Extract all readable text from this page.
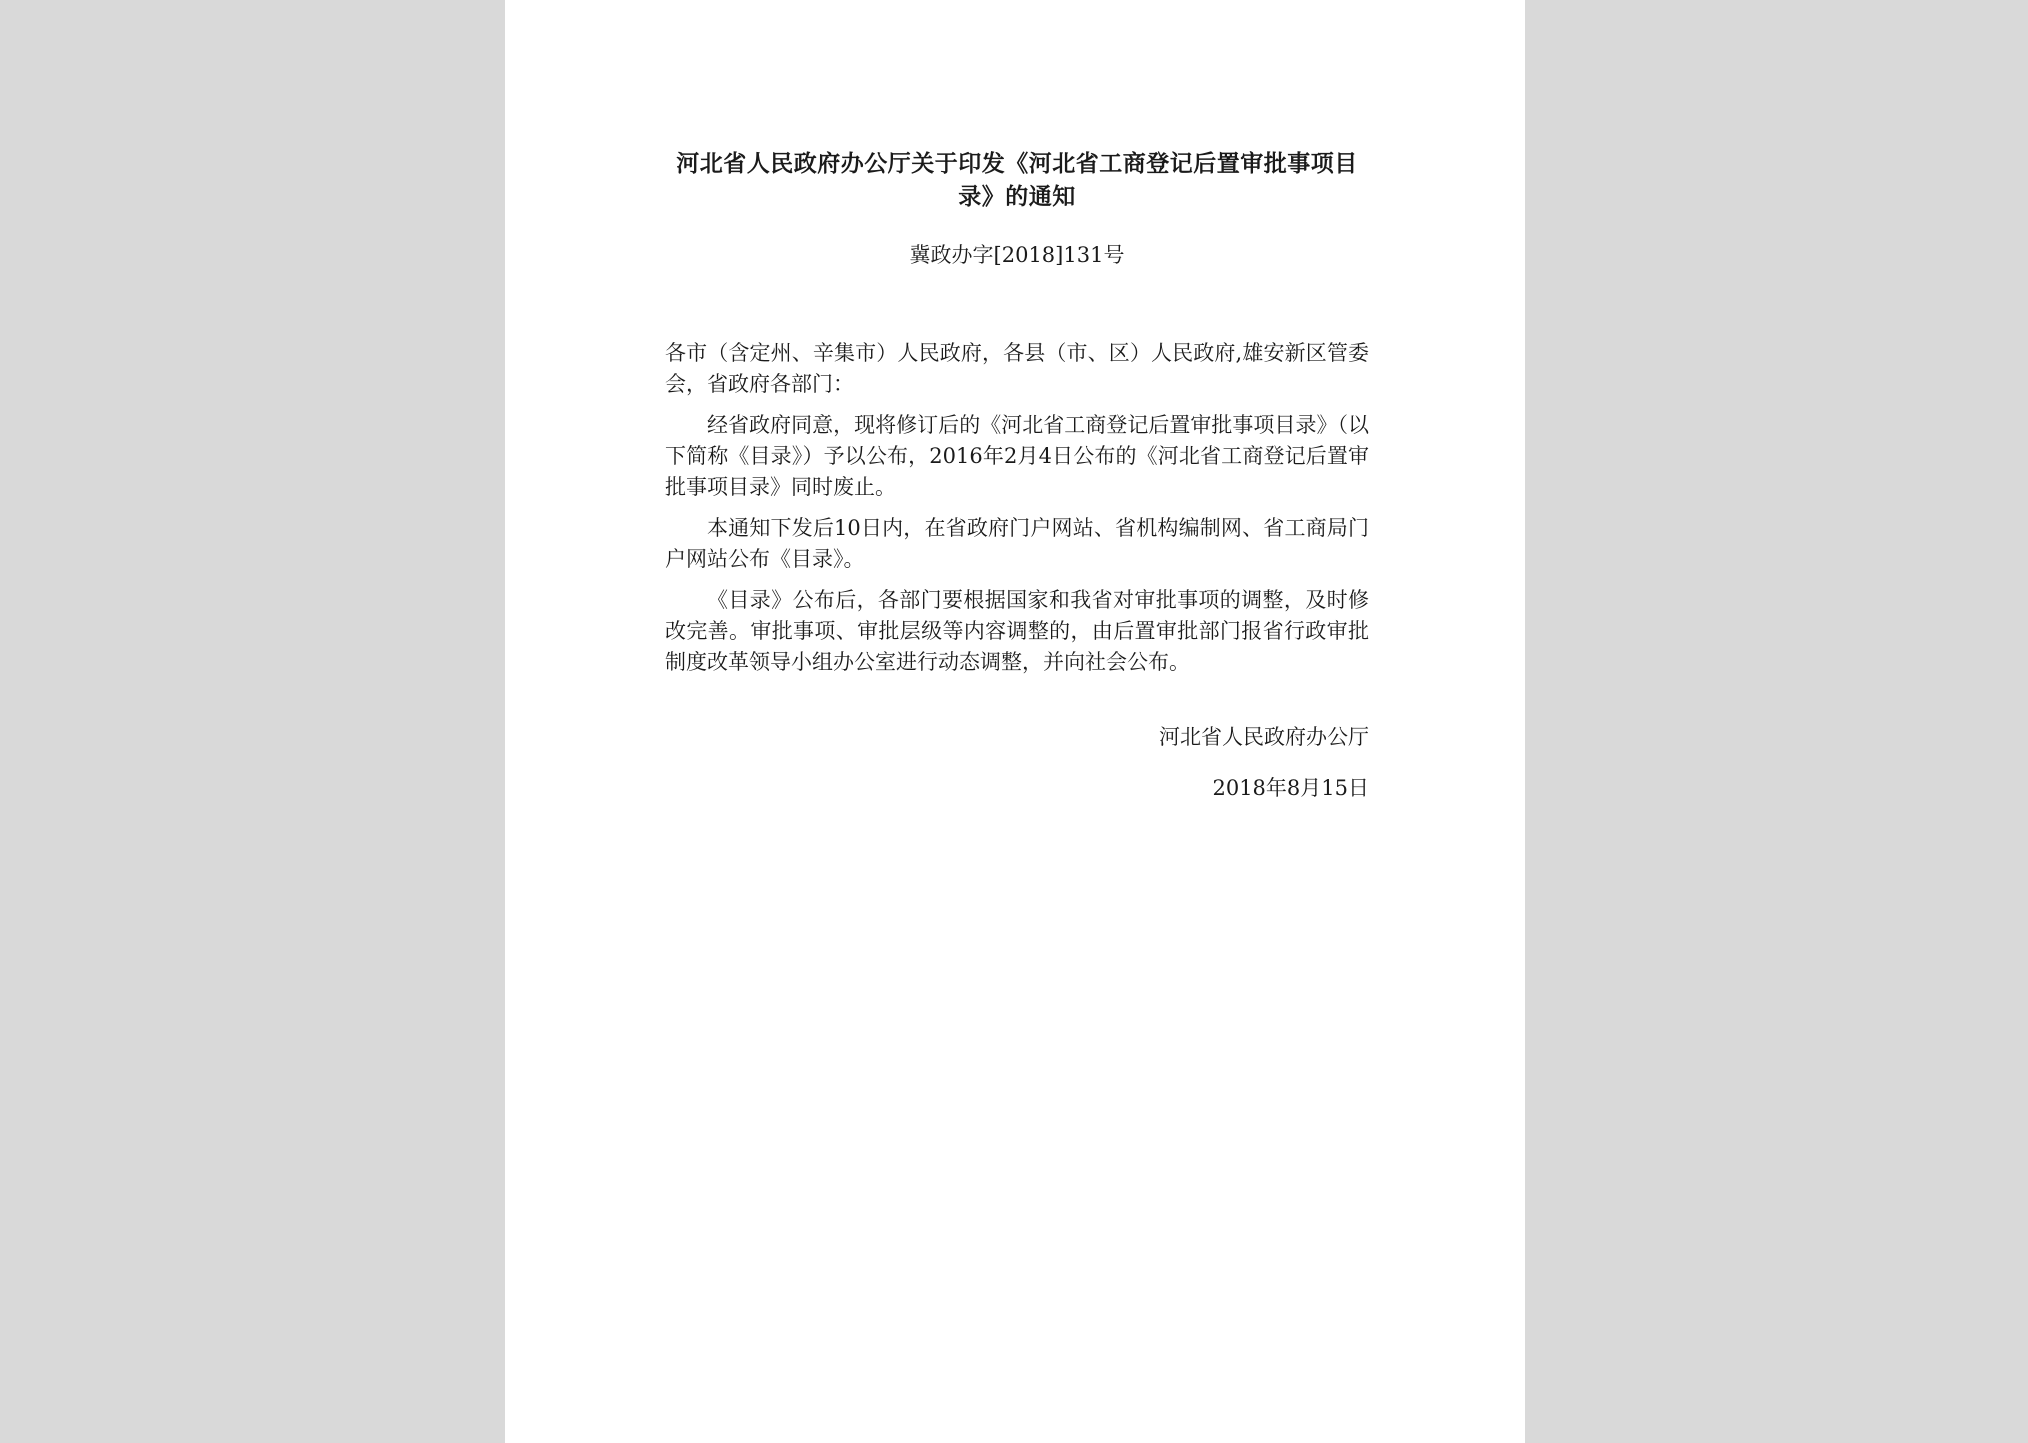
河北省人民政府办公厅关于印发《河北省工商登记后置审批事项目录》的通知

冀政办字[2018]131号

各市（含定州、辛集市）人民政府，各县（市、区）人民政府,雄安新区管委会，省政府各部门：

经省政府同意，现将修订后的《河北省工商登记后置审批事项目录》（以下简称《目录》）予以公布，2016年2月4日公布的《河北省工商登记后置审批事项目录》同时废止。

本通知下发后10日内，在省政府门户网站、省机构编制网、省工商局门户网站公布《目录》。

《目录》公布后，各部门要根据国家和我省对审批事项的调整，及时修改完善。审批事项、审批层级等内容调整的，由后置审批部门报省行政审批制度改革领导小组办公室进行动态调整，并向社会公布。

河北省人民政府办公厅

2018年8月15日
